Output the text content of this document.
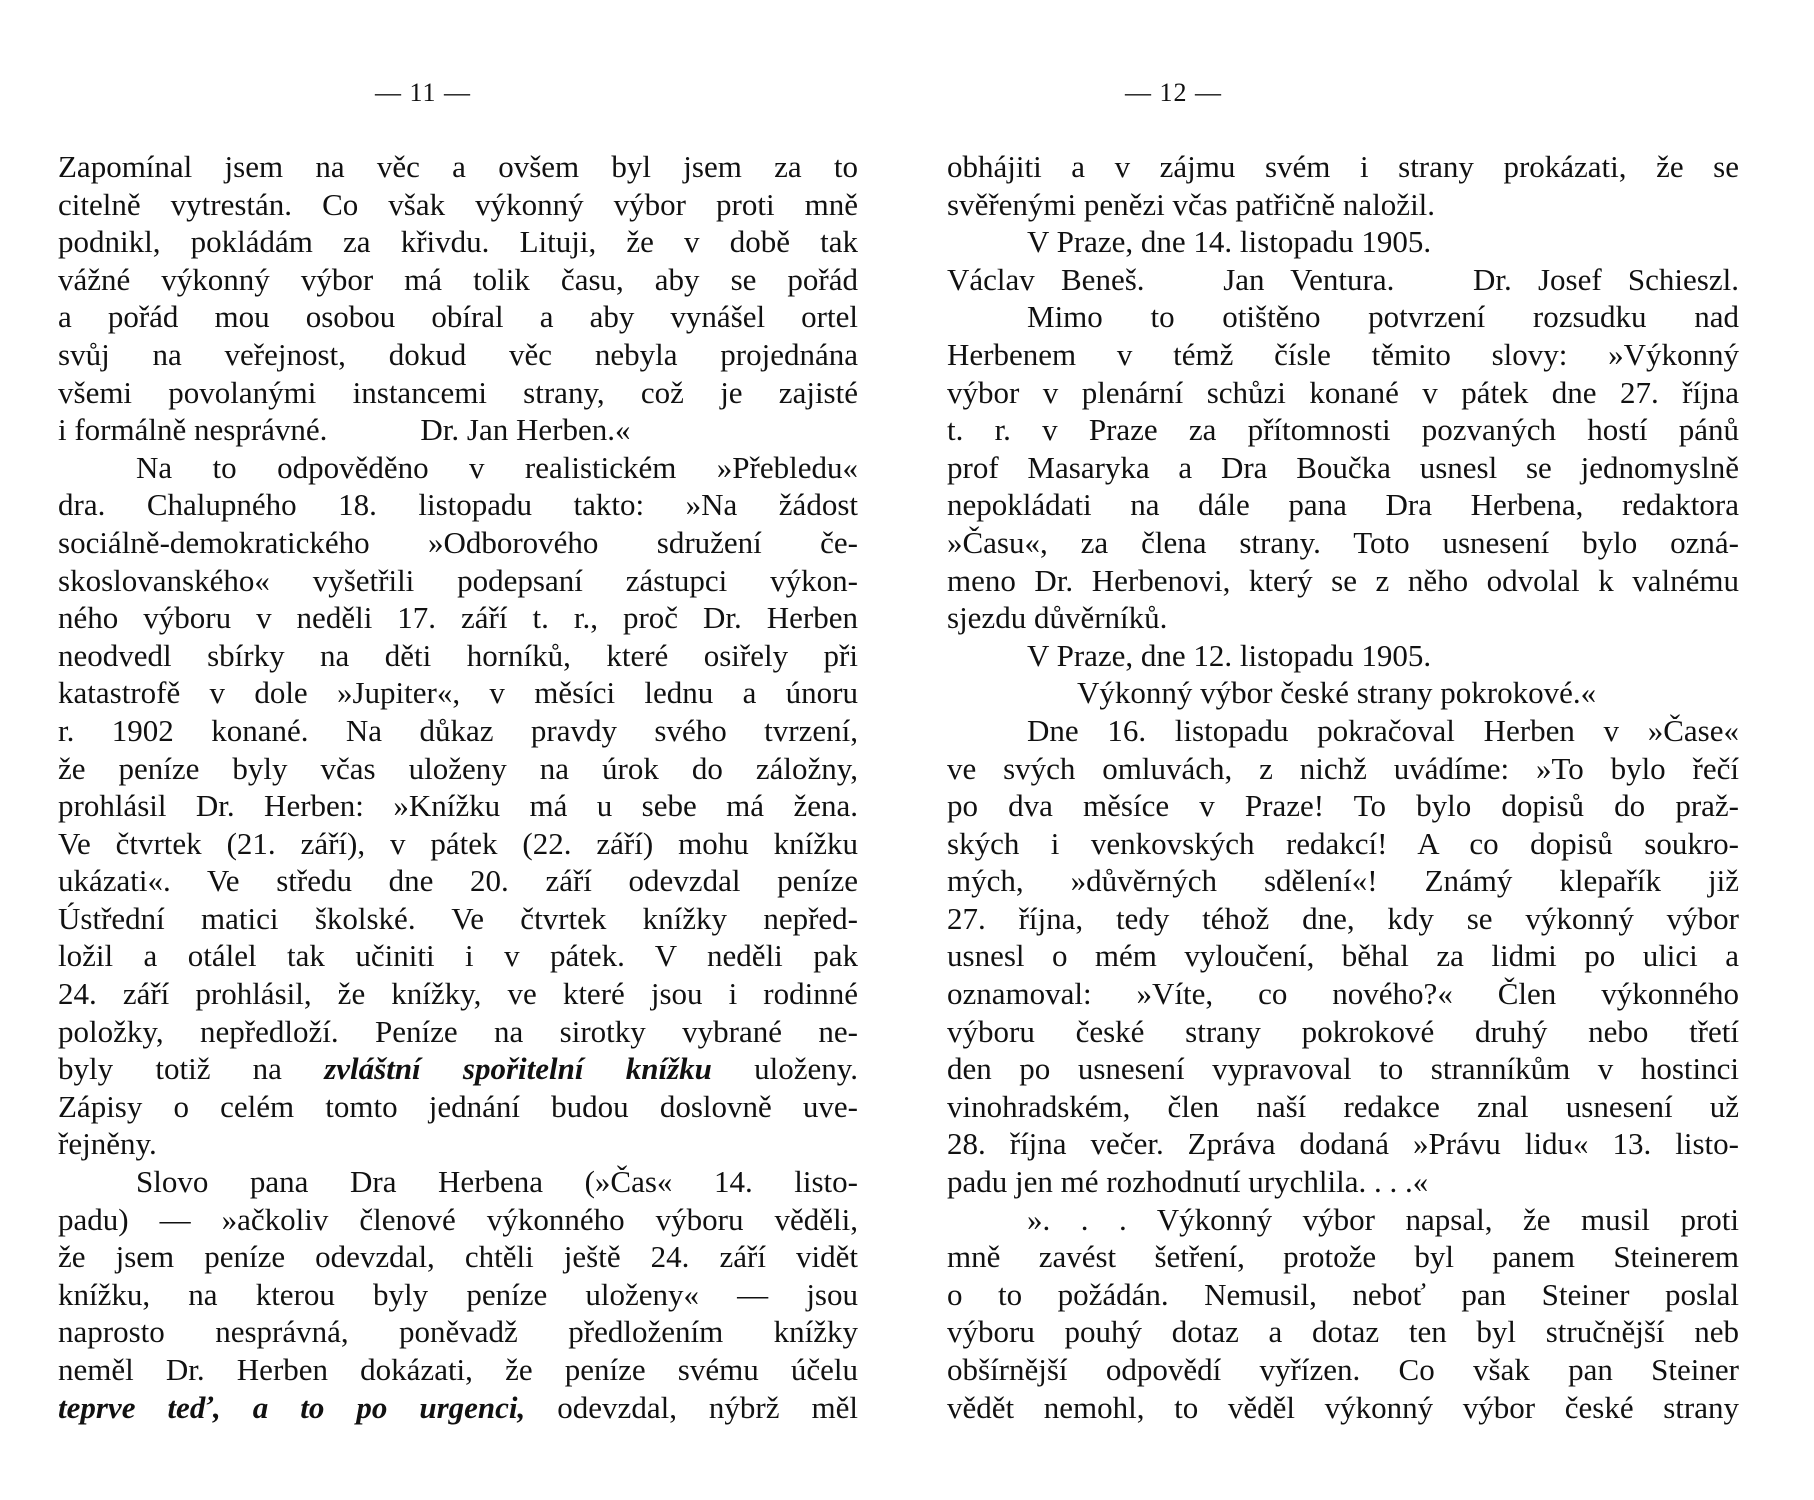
— 11 —
Zapomínal jsem na věc a ovšem byl jsem za to
citelně vytrestán. Co však výkonný výbor proti mně
podnikl, pokládám za křivdu. Lituji, že v době tak
vážné výkonný výbor má tolik času, aby se pořád
a pořád mou osobou obíral a aby vynášel ortel
svůj na veřejnost, dokud věc nebyla projednána
všemi povolanými instancemi strany, což je zajisté
i formálně nesprávné.            Dr. Jan Herben.«
Na to odpověděno v realistickém »Přebledu«
dra. Chalupného 18. listopadu takto: »Na žádost
sociálně-demokratického »Odborového sdružení če-
skoslovanského« vyšetřili podepsaní zástupci výkon-
ného výboru v neděli 17. září t. r., proč Dr. Herben
neodvedl sbírky na děti horníků, které osiřely při
katastrofě v dole »Jupiter«, v měsíci lednu a únoru
r. 1902 konané. Na důkaz pravdy svého tvrzení,
že peníze byly včas uloženy na úrok do záložny,
prohlásil Dr. Herben: »Knížku má u sebe má žena.
Ve čtvrtek (21. září), v pátek (22. září) mohu knížku
ukázati«. Ve středu dne 20. září odevzdal peníze
Ústřední matici školské. Ve čtvrtek knížky nepřed-
ložil a otálel tak učiniti i v pátek. V neděli pak
24. září prohlásil, že knížky, ve které jsou i rodinné
položky, nepředloží. Peníze na sirotky vybrané ne-
byly totiž na zvláštní spořitelní knížku uloženy.
Zápisy o celém tomto jednání budou doslovně uve-
řejněny.
Slovo pana Dra Herbena (»Čas« 14. listo-
padu) — »ačkoliv členové výkonného výboru věděli,
že jsem peníze odevzdal, chtěli ještě 24. září vidět
knížku, na kterou byly peníze uloženy« — jsou
naprosto nesprávná, poněvadž předložením knížky
neměl Dr. Herben dokázati, že peníze svému účelu
teprve teď, a to po urgenci, odevzdal, nýbrž měl
— 12 —
obhájiti a v zájmu svém i strany prokázati, že se
svěřenými penězi včas patřičně naložil.
V Praze, dne 14. listopadu 1905.
Václav Beneš.   Jan Ventura.   Dr. Josef Schieszl.
Mimo to otištěno potvrzení rozsudku nad
Herbenem v témž čísle těmito slovy: »Výkonný
výbor v plenární schůzi konané v pátek dne 27. října
t. r. v Praze za přítomnosti pozvaných hostí pánů
prof Masaryka a Dra Boučka usnesl se jednomyslně
nepokládati na dále pana Dra Herbena, redaktora
»Času«, za člena strany. Toto usnesení bylo ozná-
meno Dr. Herbenovi, který se z něho odvolal k valnému
sjezdu důvěrníků.
V Praze, dne 12. listopadu 1905.
Výkonný výbor české strany pokrokové.«
Dne 16. listopadu pokračoval Herben v »Čase«
ve svých omluvách, z nichž uvádíme: »To bylo řečí
po dva měsíce v Praze! To bylo dopisů do praž-
ských i venkovských redakcí! A co dopisů soukro-
mých, »důvěrných sdělení«! Známý klepařík již
27. října, tedy téhož dne, kdy se výkonný výbor
usnesl o mém vyloučení, běhal za lidmi po ulici a
oznamoval: »Víte, co nového?« Člen výkonného
výboru české strany pokrokové druhý nebo třetí
den po usnesení vypravoval to stranníkům v hostinci
vinohradském, člen naší redakce znal usnesení už
28. října večer. Zpráva dodaná »Právu lidu« 13. listo-
padu jen mé rozhodnutí urychlila. . . .«
». . . Výkonný výbor napsal, že musil proti
mně zavést šetření, protože byl panem Steinerem
o to požádán. Nemusil, neboť pan Steiner poslal
výboru pouhý dotaz a dotaz ten byl stručnější neb
obšírnější odpovědí vyřízen. Co však pan Steiner
vědět nemohl, to věděl výkonný výbor české strany
